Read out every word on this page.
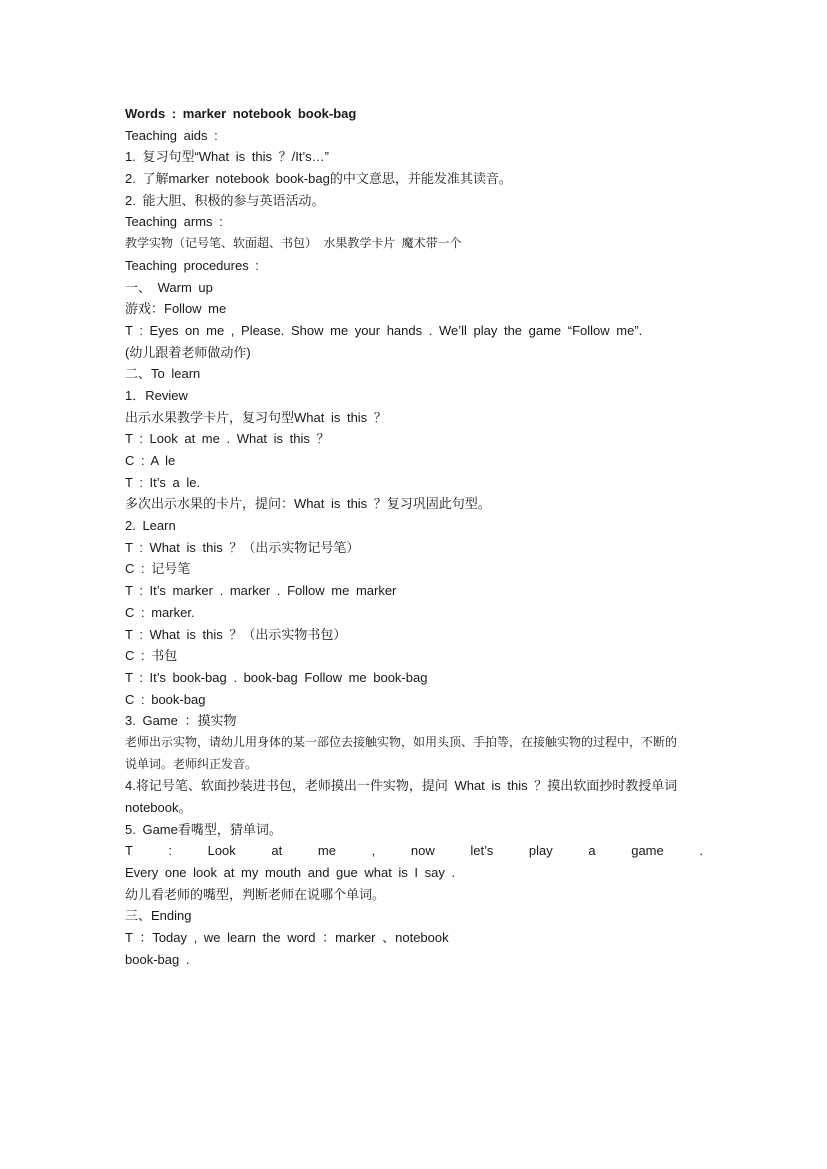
Words : marker notebook book-bag
Teaching aids :
1. 复习句型“What is this ？/It’s…”
2. 了解marker notebook book-bag的中文意思，并能发准其读音。
2. 能大胆、积极的参与英语活动。
Teaching arms :
教学实物（记号笔、软面超、书包） 水果教学卡片 魔术带一个
Teaching procedures :
一、 Warm up
游戏：Follow me
T : Eyes on me , Please. Show me your hands . We’ll play the game “Follow me”.
(幼儿跟着老师做动作)
二、To learn
1．Review
出示水果教学卡片，复习句型What is this ？
T : Look at me . What is this ？
C : A le
T : It’s a le.
多次出示水果的卡片，提问：What is this ？复习巩固此句型。
2. Learn
T : What is this ？（出示实物记号笔）
C : 记号笔
T : It’s marker . marker . Follow me marker
C : marker.
T : What is this ？（出示实物书包）
C : 书包
T : It’s book-bag . book-bag Follow me book-bag
C : book-bag
3. Game ：摸实物
老师出示实物，请幼儿用身体的某一部位去接触实物，如用头顶、手拍等，在接触实物的过程中，不断的
说单词。老师纠正发音。
4.将记号笔、软面抄装进书包，老师摸出一件实物，提问 What is this ？摸出软面抄时教授单词
notebook。
5. Game看嘴型，猜单词。
T : Look at me , now let’s play a game .
Every one look at my mouth and gue what is I say .
幼儿看老师的嘴型，判断老师在说哪个单词。
三、Ending
T ：Today , we learn the word ：marker 、notebook
book-bag .
